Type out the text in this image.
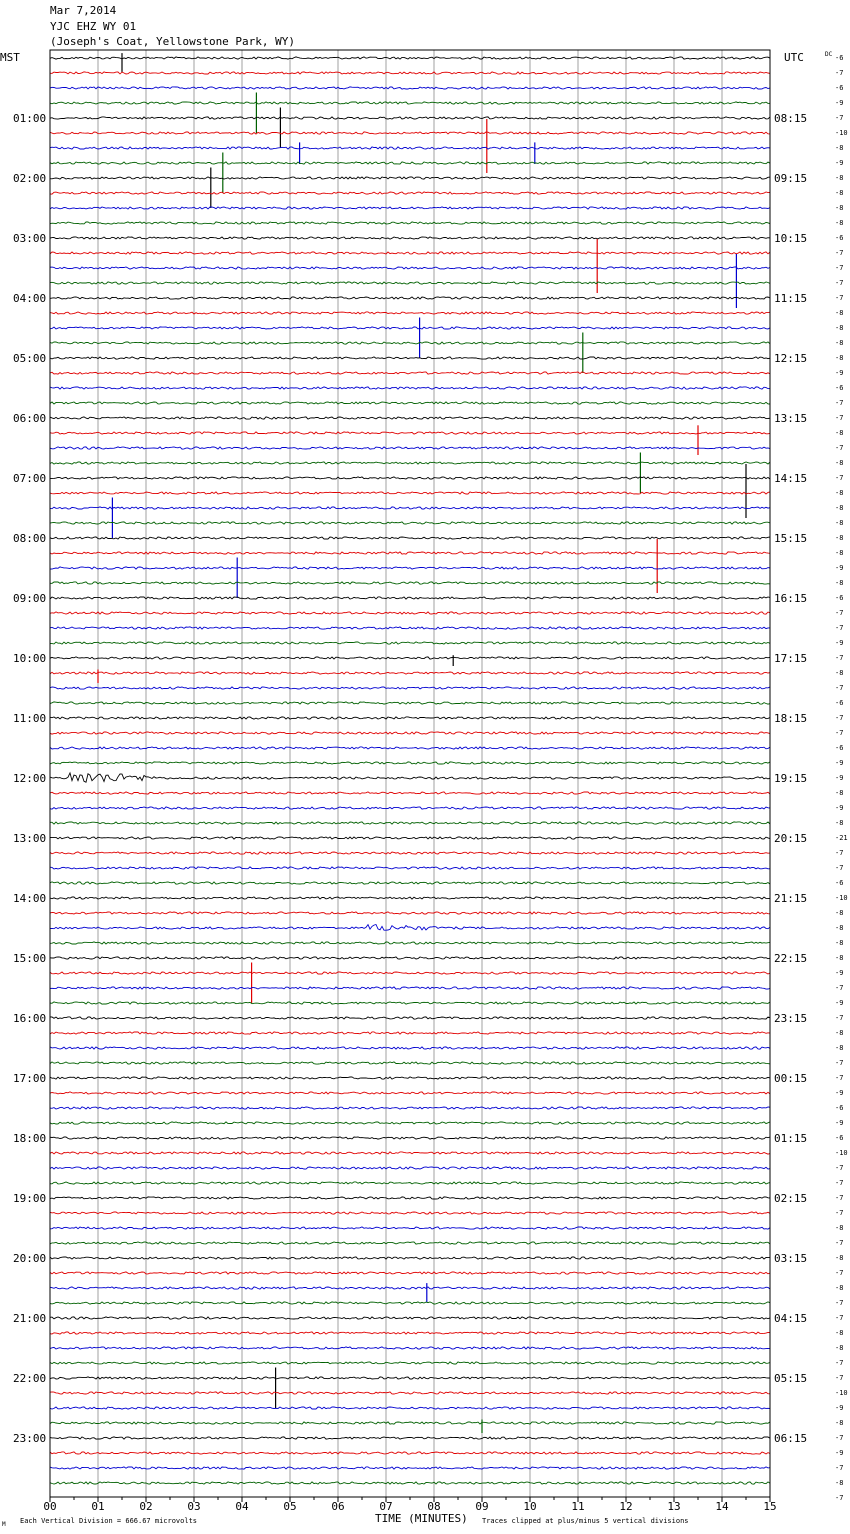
Mar 7,2014
YJC EHZ WY 01
(Joseph's Coat, Yellowstone Park, WY)
MST	UTC	DC
01:00
02:00
03:00
04:00
05:00
06:00
07:00
08:00
09:00
10:00
11:00
12:00
13:00
14:00
15:00
16:00
17:00
18:00
19:00
20:00
21:00
22:00
23:00
08:15
09:15
10:15
11:15
12:15
13:15
14:15
15:15
16:15
17:15
18:15
19:15
20:15
21:15
22:15
23:15
00:15
01:15
02:15
03:15
04:15
05:15
06:15
-6
-7
-6
-9
-7
-10
-8
-9
-8
-8
-8
-8
-6
-7
-7
-7
-7
-8
-8
-8
-8
-9
-6
-7
-7
-8
-7
-8
-7
-8
-8
-8
-8
-8
-9
-8
-6
-7
-7
-9
-7
-8
-7
-6
-7
-7
-6
-9
-9
-8
-9
-8
-21
-7
-7
-6
-10
-8
-8
-8
-8
-9
-7
-9
-7
-8
-8
-7
-7
-9
-6
-9
-6
-10
-7
-7
-7
-7
-8
-7
-8
-7
-8
-7
-7
-8
-8
-7
-7
-10
-9
-8
-7
-9
-7
-8
-7
00	01	02	03	04	05	06	07	08	09	10	11	12	13	14	15
TIME (MINUTES)
Each Vertical Division = 666.67 microvolts	Traces clipped at plus/minus 5 vertical divisions
M
